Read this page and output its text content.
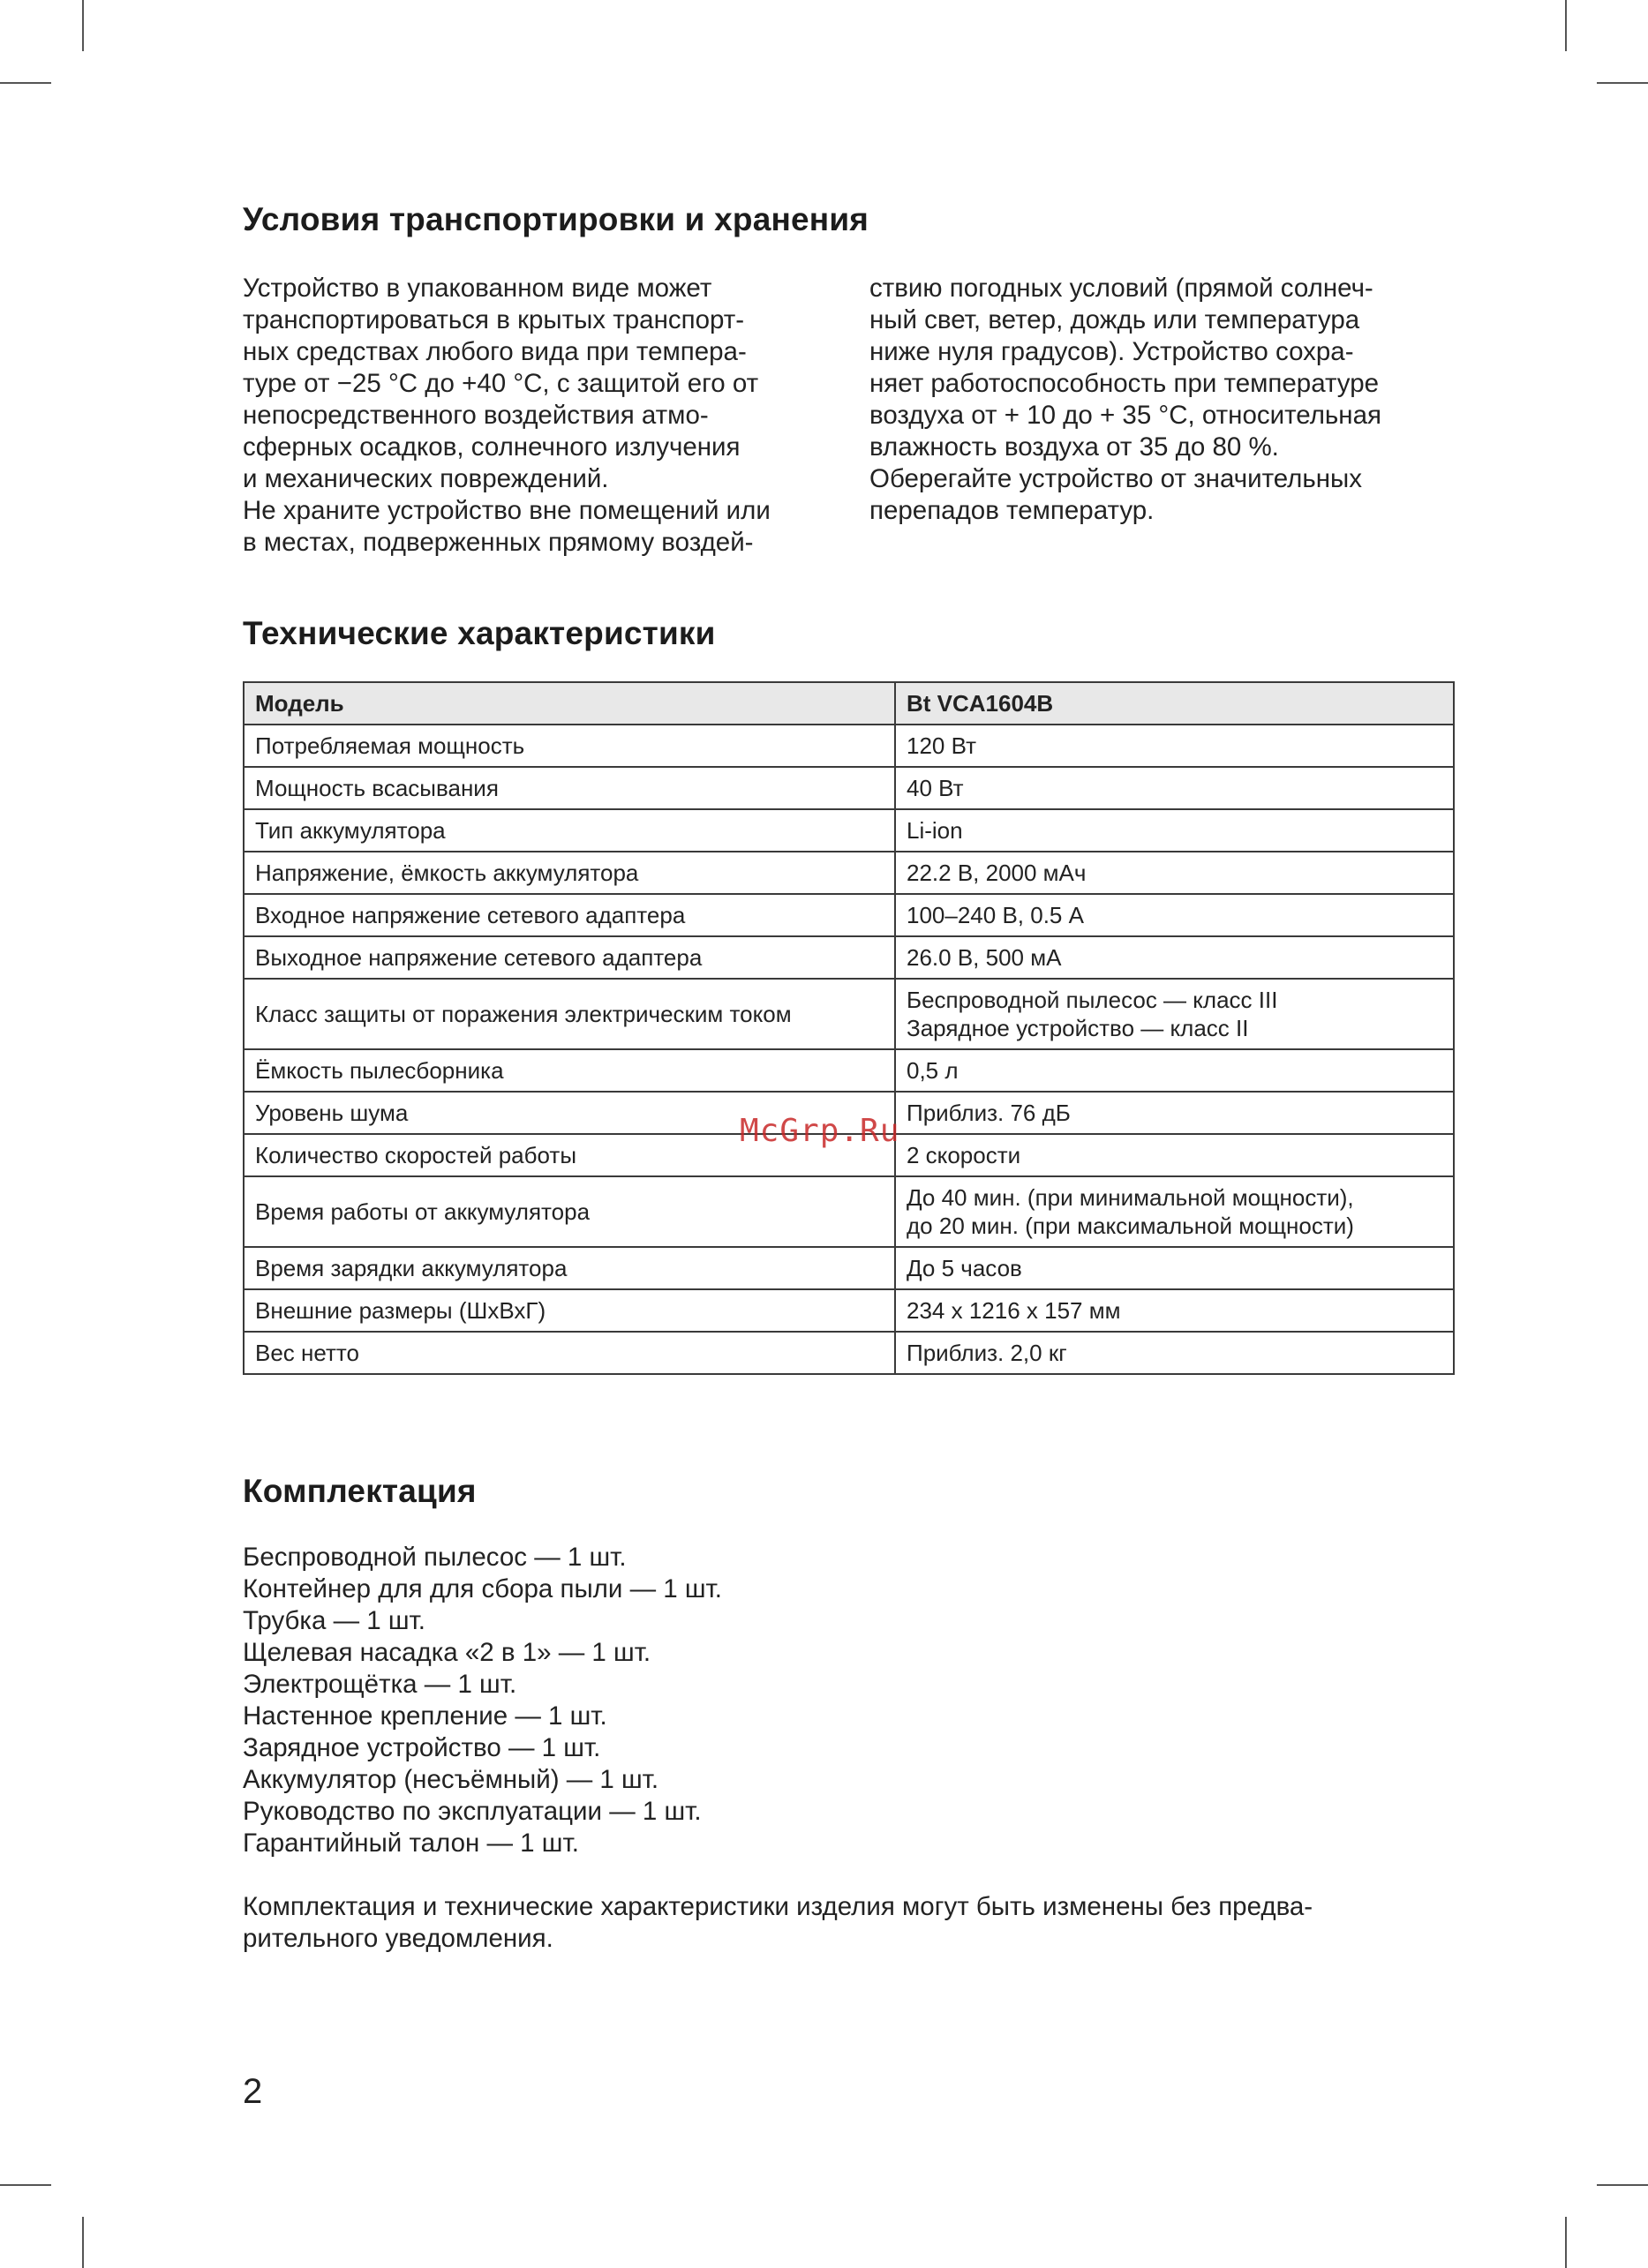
Условия транспортировки и хранения
Устройство в упакованном виде может
транспортироваться в крытых транспорт-
ных средствах любого вида при темпера-
туре от −25 °C до +40 °C, с защитой его от
непосредственного воздействия атмо-
сферных осадков, солнечного излучения
и механических повреждений.
Не храните устройство вне помещений или
в местах, подверженных прямому воздей-
ствию погодных условий (прямой солнеч-
ный свет, ветер, дождь или температура
ниже нуля градусов). Устройство сохра-
няет работоспособность при температуре
воздуха от + 10 до + 35 °C, относительная
влажность воздуха от 35 до 80 %.
Оберегайте устройство от значительных
перепадов температур.
Технические характеристики
Модель	Bt VCA1604B
Потребляемая мощность	120 Вт

Мощность всасывания	40 Вт

Тип аккумулятора	Li-ion

Напряжение, ёмкость аккумулятора	22.2 В, 2000 мАч

Входное напряжение сетевого адаптера	100–240 В, 0.5 А

Выходное напряжение сетевого адаптера	26.0 В, 500 мА

Класс защиты от поражения электрическим током	Беспроводной пылесос — класс III
Зарядное устройство — класс II

Ёмкость пылесборника	0,5 л

Уровень шума	Приблиз. 76 дБ

Количество скоростей работы	2 скорости

Время работы от аккумулятора	До 40 мин. (при минимальной мощности),
до 20 мин. (при максимальной мощности)

Время зарядки аккумулятора	До 5 часов

Внешние размеры (ШхВхГ)	234 x 1216 x 157 мм

Вес нетто	Приблиз. 2,0 кг
Комплектация
Беспроводной пылесос — 1 шт.
Контейнер для для сбора пыли — 1 шт.
Трубка — 1 шт.
Щелевая насадка «2 в 1» — 1 шт.
Электрощётка — 1 шт.
Настенное крепление — 1 шт.
Зарядное устройство — 1 шт.
Аккумулятор (несъёмный) — 1 шт.
Руководство по эксплуатации — 1 шт.
Гарантийный талон — 1 шт.
Комплектация и технические характеристики изделия могут быть изменены без предва-
рительного уведомления.
2
McGrp.Ru
